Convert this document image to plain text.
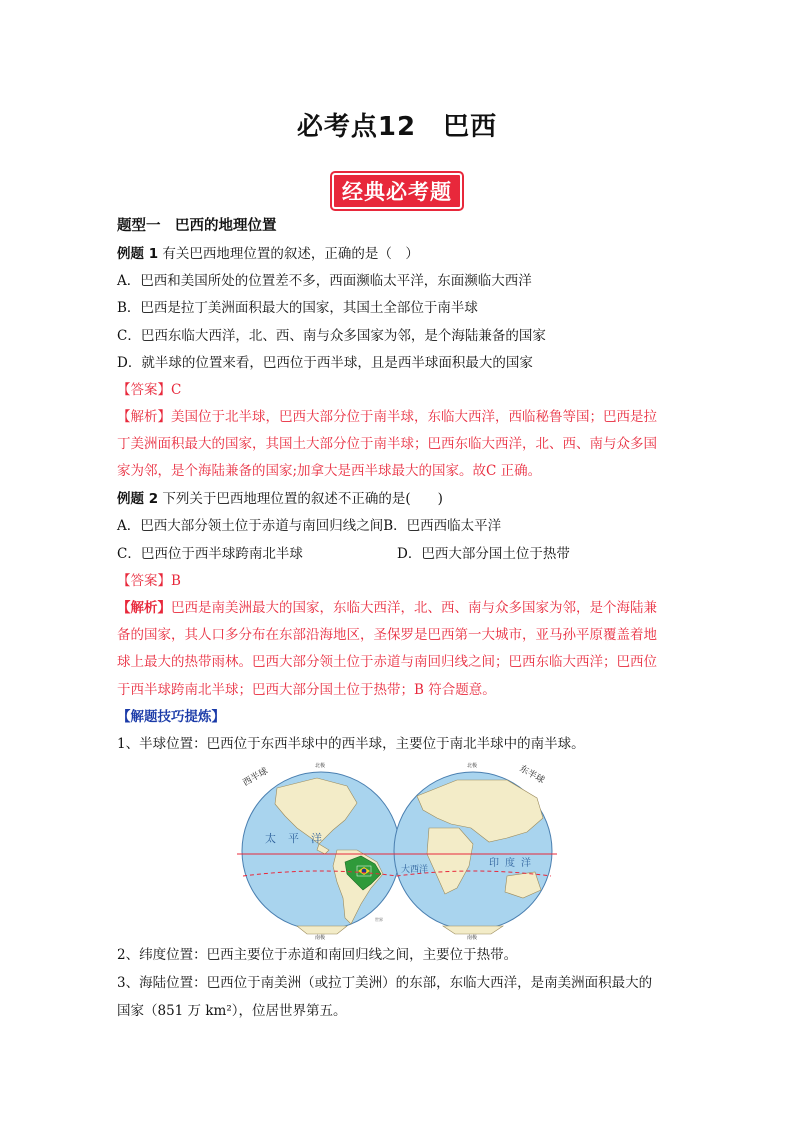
必考点12　巴西
经典必考题
题型一　巴西的地理位置
例题 1 有关巴西地理位置的叙述，正确的是（　）
A．巴西和美国所处的位置差不多，西面濒临太平洋，东面濒临大西洋
B．巴西是拉丁美洲面积最大的国家，其国土全部位于南半球
C．巴西东临大西洋，北、西、南与众多国家为邻，是个海陆兼备的国家
D．就半球的位置来看，巴西位于西半球，且是西半球面积最大的国家
【答案】C
【解析】美国位于北半球，巴西大部分位于南半球，东临大西洋，西临秘鲁等国；巴西是拉
丁美洲面积最大的国家，其国土大部分位于南半球；巴西东临大西洋，北、西、南与众多国
家为邻，是个海陆兼备的国家;加拿大是西半球最大的国家。故C 正确。
例题 2 下列关于巴西地理位置的叙述不正确的是(　　)
A．巴西大部分领土位于赤道与南回归线之间B．巴西西临太平洋
C．巴西位于西半球跨南北半球	D．巴西大部分国土位于热带
【答案】B
【解析】巴西是南美洲最大的国家，东临大西洋，北、西、南与众多国家为邻，是个海陆兼
备的国家，其人口多分布在东部沿海地区，圣保罗是巴西第一大城市，亚马孙平原覆盖着地
球上最大的热带雨林。巴西大部分领土位于赤道与南回归线之间；巴西东临大西洋；巴西位
于西半球跨南北半球；巴西大部分国土位于热带；B 符合题意。
【解题技巧提炼】
1、半球位置：巴西位于东西半球中的西半球，主要位于南北半球中的南半球。
西半球	东半球
北极	北极
南极	南极
太平洋
大西洋
印度洋
世界
2、纬度位置：巴西主要位于赤道和南回归线之间，主要位于热带。
3、海陆位置：巴西位于南美洲（或拉丁美洲）的东部，东临大西洋，是南美洲面积最大的
国家（851 万 km²），位居世界第五。
